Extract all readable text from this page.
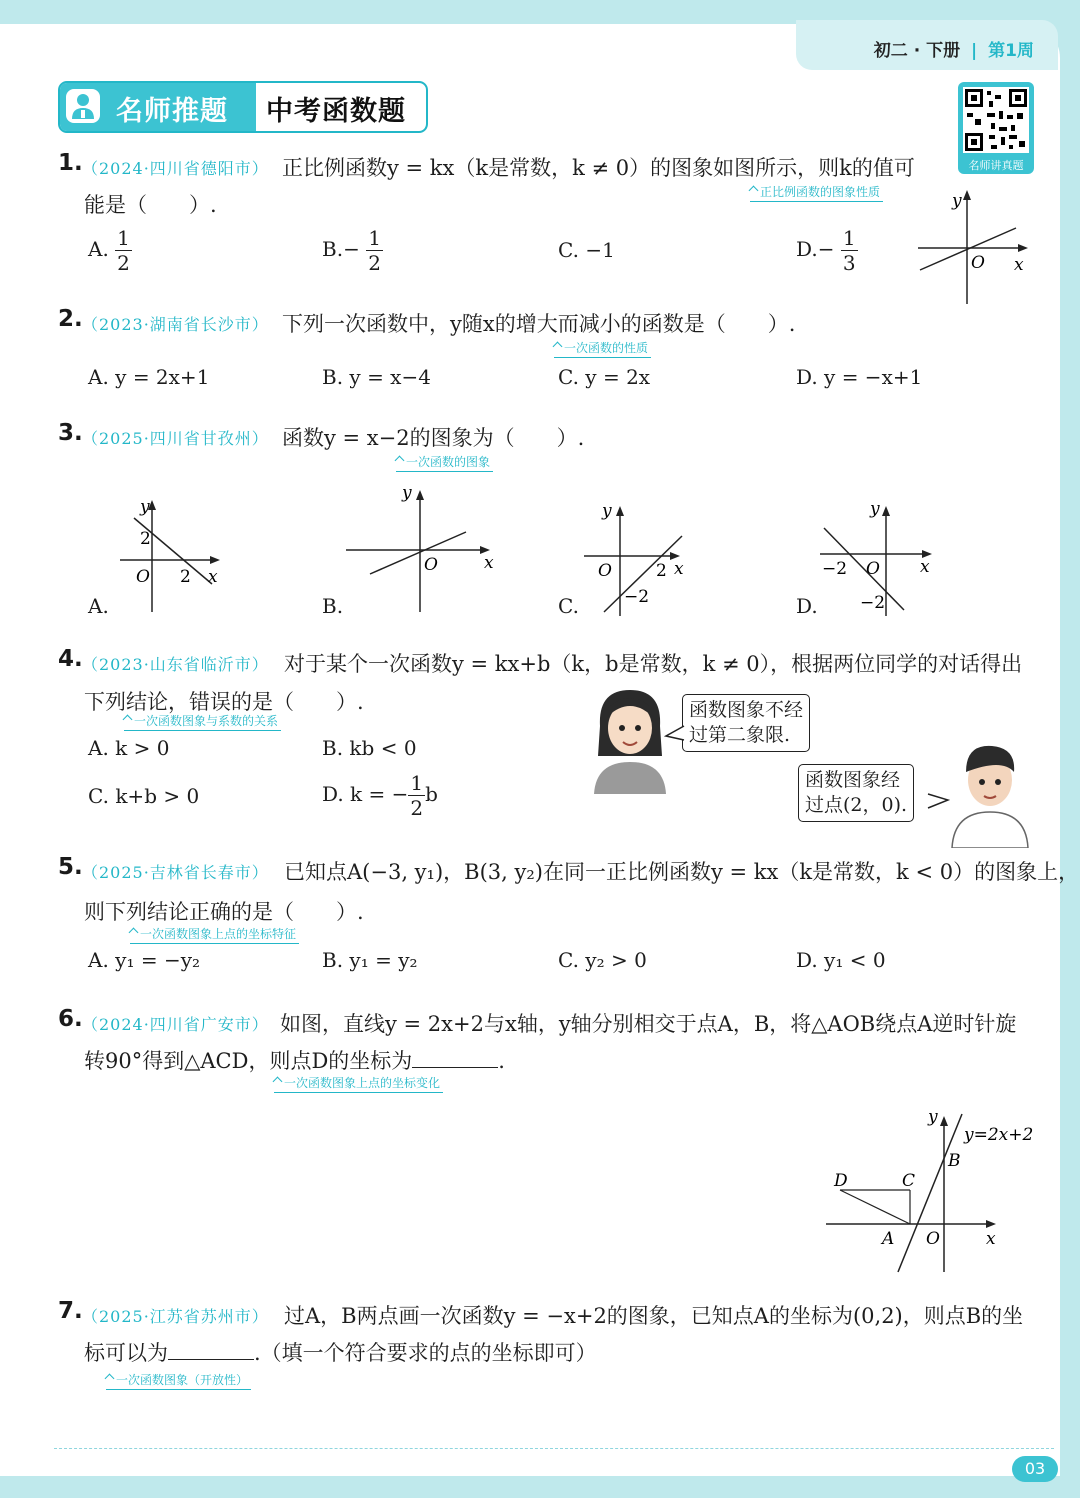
初二 · 下册 | 第1周
名师推题 中考函数题
名师讲真题
1. （2024·四川省德阳市） 正比例函数y = kx（k是常数，k ≠ 0）的图象如图所示，则k的值可
能是（　　）.
正比例函数的图象性质
A. $\frac{1}{2}$	$B.- \frac{1}{2}$	C. −1	$D.- \frac{1}{3}$
y
x
O
2. （2023·湖南省长沙市） 下列一次函数中，y随x的增大而减小的函数是（　　）.
一次函数的性质
A. y = 2x+1	B. y = x−4	C. y = 2x	D. y = −x+1
3. （2025·四川省甘孜州） 函数y = x−2的图象为（　　）.
一次函数的图象
A.
y
x
O
2
2
B.
y
x
O
C.
y
x
O	2
−2	D.
y
x
O
−2
−2
4. （2023·山东省临沂市） 对于某个一次函数y = kx+b（k，b是常数，k ≠ 0），根据两位同学的对话得出
下列结论，错误的是（　　）.
一次函数图象与系数的关系
A. k > 0	B. kb < 0
C. k+b > 0	D. k = − $\frac{1}{2}$ b
函数图象不经
过第二象限.
函数图象经
过点(2，0).
5. （2025·吉林省长春市） 已知点A(−3, y₁)，B(3, y₂)在同一正比例函数y = kx（k是常数，k < 0）的图象上，
则下列结论正确的是（　　）.
一次函数图象上点的坐标特征
A. y₁ = −y₂	B. y₁ = y₂	C. y₂ > 0	D. y₁ < 0
6. （2024·四川省广安市） 如图，直线y = 2x+2与x轴，y轴分别相交于点A，B，将△AOB绕点A逆时针旋
转90°得到△ACD，则点D的坐标为	.
一次函数图象上点的坐标变化
y
x
O
y=2x+2
B
C
D
A
7. （2025·江苏省苏州市） 过A，B两点画一次函数y = −x+2的图象，已知点A的坐标为(0,2)，则点B的坐
标可以为	.（填一个符合要求的点的坐标即可）
一次函数图象（开放性）
03
